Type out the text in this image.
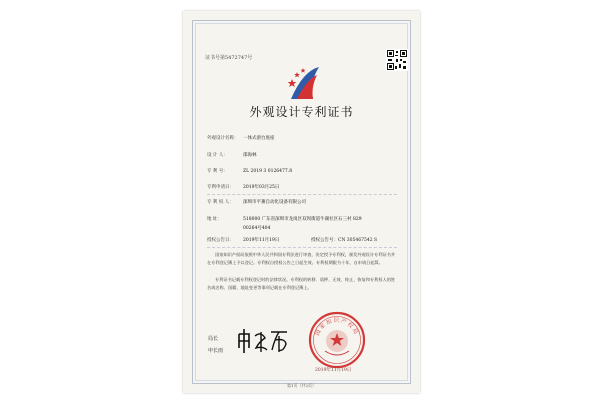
证书号第5472747号
外观设计专利证书
外观设计名称： 一体式滑台底座
设 计 人：	邵海林
专 利 号：	ZL 2019 3 0126477.8
专利申请日： 2019年03月25日
专 利 权 人： 深圳市平蕃自动化设备有限公司
地 址：	518000 广东省深圳市龙岗区双坝街道牛湖社区石三村 829
00264号404
授权公告日： 2019年11月19日	授权公告号：CN 305467542 S
国家知识产权局依照中华人民共和国专利法进行审查，决定授予专利权，颁发外观设计专利证书并在专利登记簿上予以登记。专利权自授权公告之日起生效。专利权期限为十年，自申请日起算。
专利证书记载专利权登记时的法律状况。专利权的转移、质押、无效、终止、恢复和专利权人的姓名或名称、国籍、地址变更等事项记载在专利登记簿上。
局长
申长雨
国家知识产权局
2019年11月19日
第1页（共2页）
